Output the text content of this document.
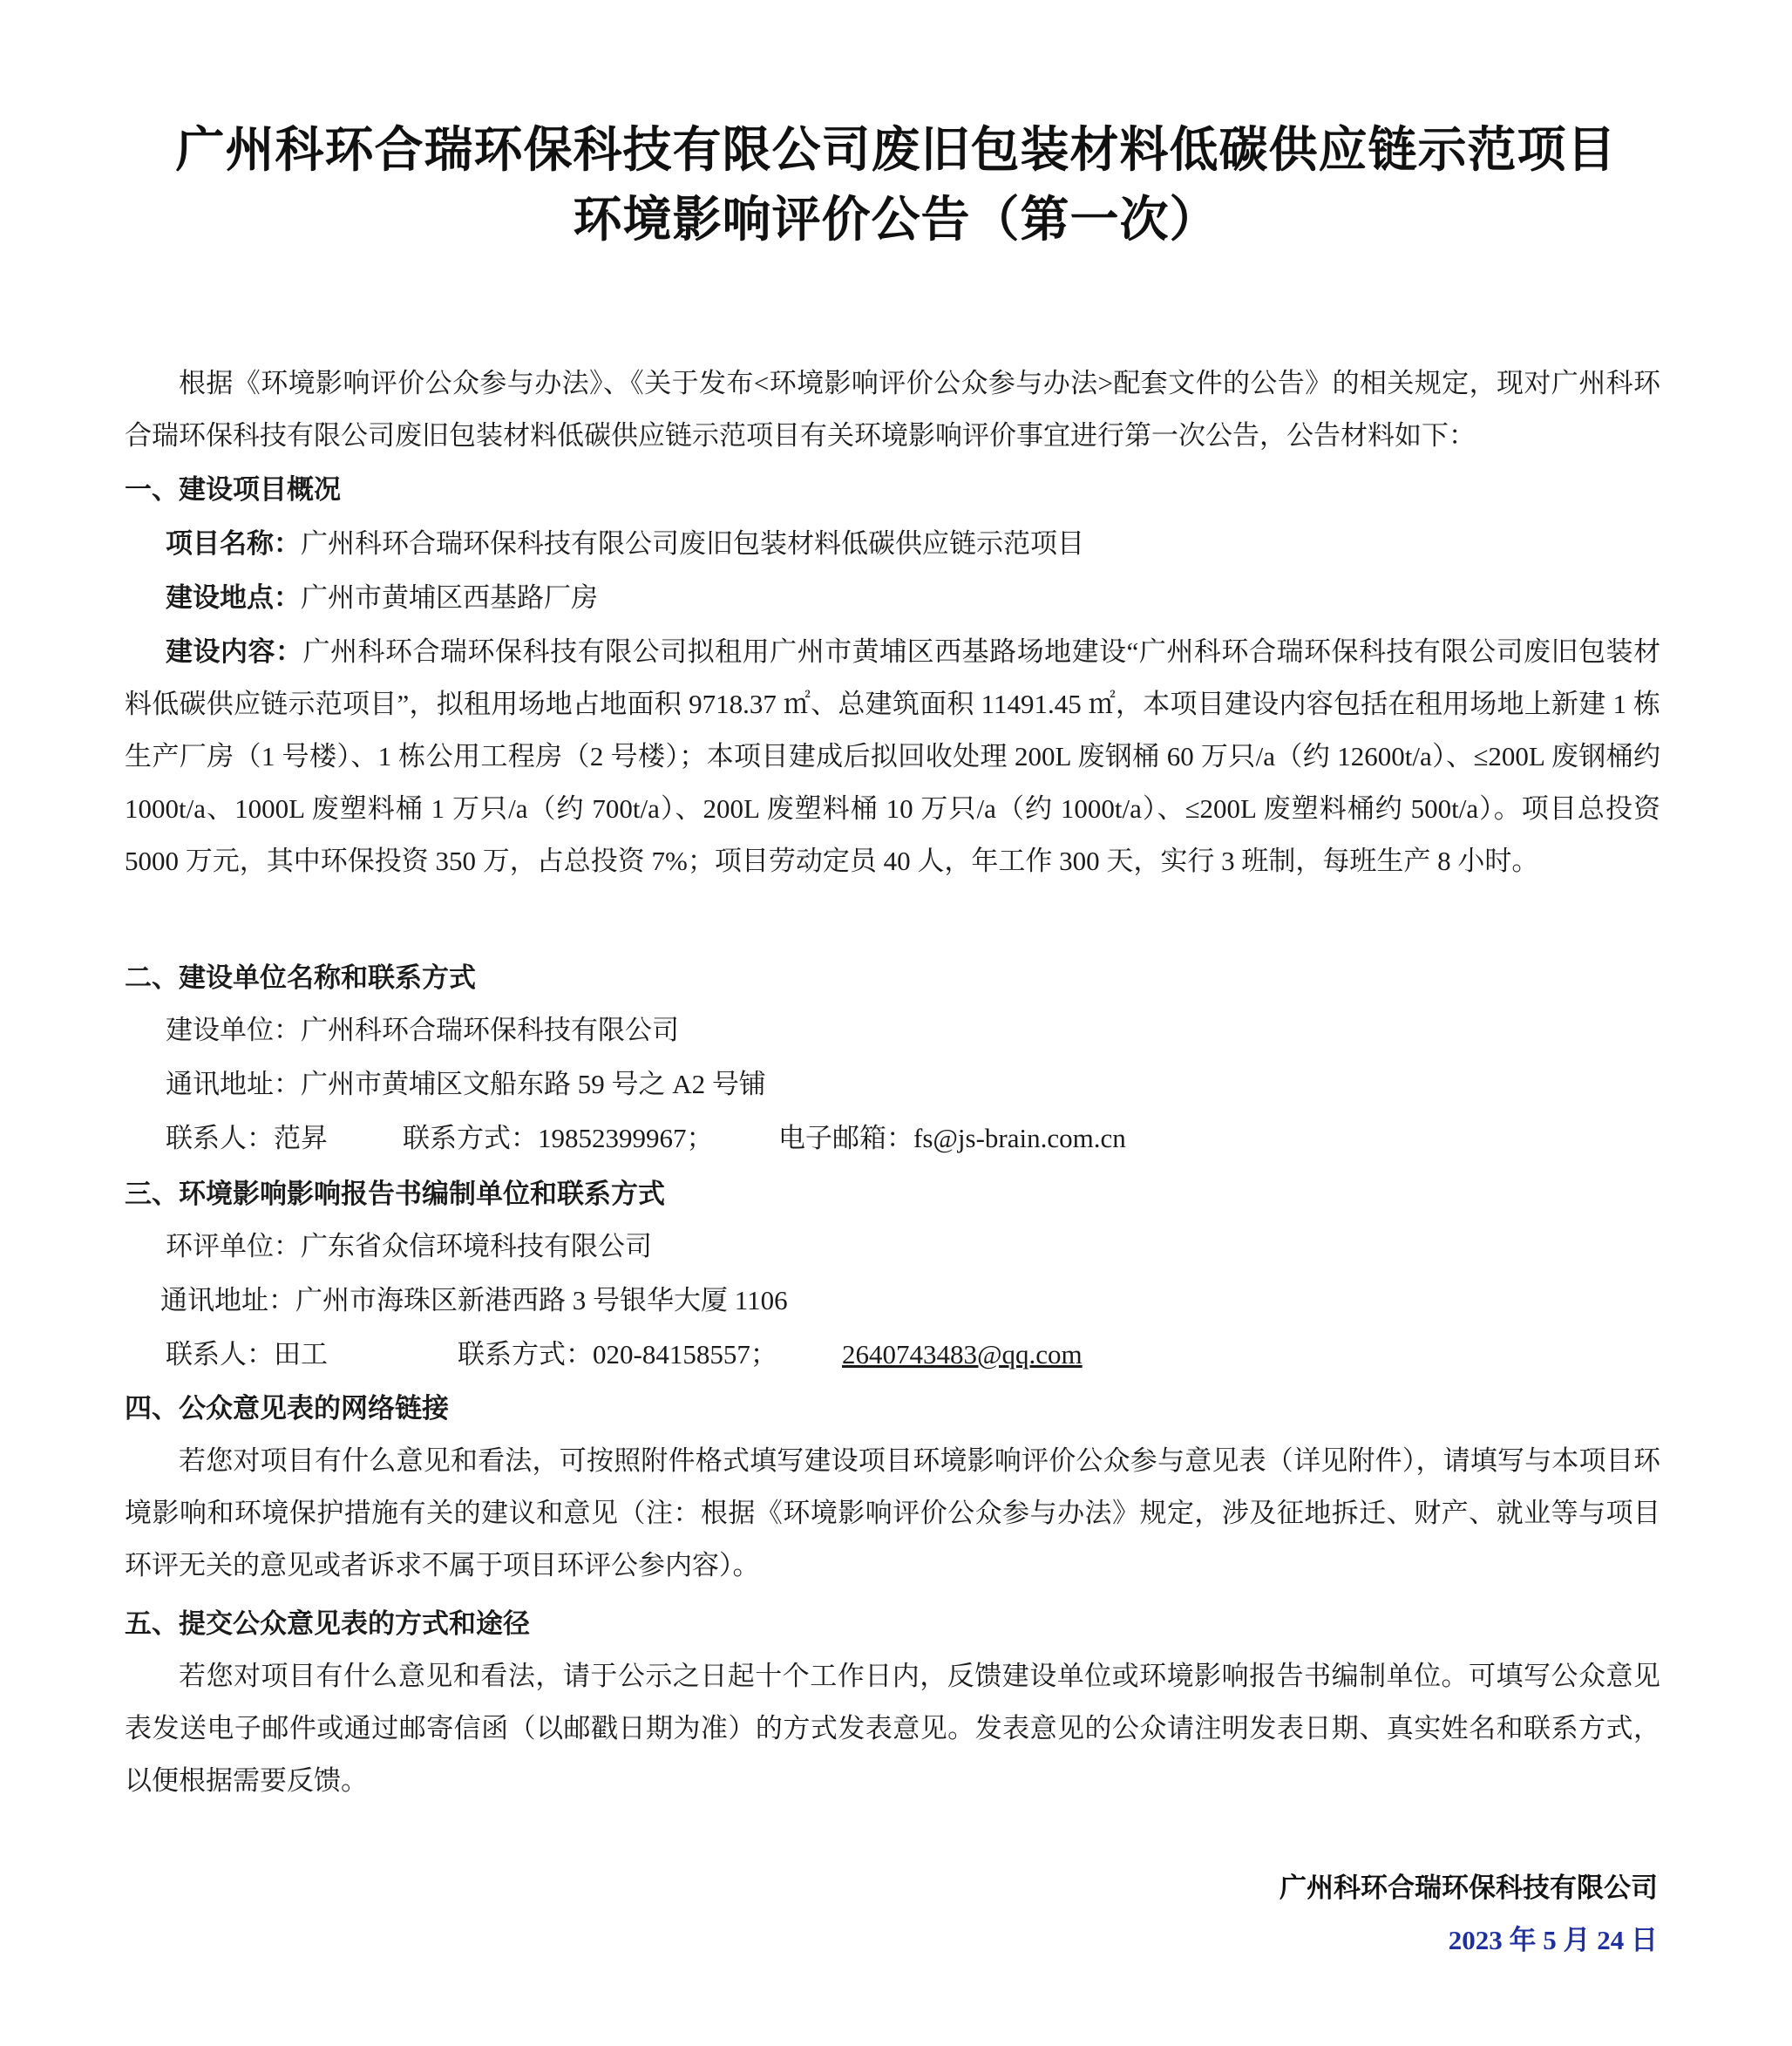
广州科环合瑞环保科技有限公司废旧包装材料低碳供应链示范项目
环境影响评价公告（第一次）
根据《环境影响评价公众参与办法》、《关于发布<环境影响评价公众参与办法>配套文件的公告》的相关规定，现对广州科环合瑞环保科技有限公司废旧包装材料低碳供应链示范项目有关环境影响评价事宜进行第一次公告，公告材料如下：
一、建设项目概况
项目名称：广州科环合瑞环保科技有限公司废旧包装材料低碳供应链示范项目
建设地点：广州市黄埔区西基路厂房
建设内容：广州科环合瑞环保科技有限公司拟租用广州市黄埔区西基路场地建设“广州科环合瑞环保科技有限公司废旧包装材料低碳供应链示范项目”，拟租用场地占地面积 9718.37 ㎡、总建筑面积 11491.45 ㎡，本项目建设内容包括在租用场地上新建 1 栋生产厂房（1 号楼）、1 栋公用工程房（2 号楼）；本项目建成后拟回收处理 200L 废钢桶 60 万只/a（约 12600t/a）、≤200L 废钢桶约 1000t/a、1000L 废塑料桶 1 万只/a（约 700t/a）、200L 废塑料桶 10 万只/a（约 1000t/a）、≤200L 废塑料桶约 500t/a）。项目总投资 5000 万元，其中环保投资 350 万，占总投资 7%；项目劳动定员 40 人，年工作 300 天，实行 3 班制，每班生产 8 小时。
二、建设单位名称和联系方式
建设单位：广州科环合瑞环保科技有限公司
通讯地址：广州市黄埔区文船东路 59 号之 A2 号铺
联系人：范昇	联系方式：19852399967； 电子邮箱：fs@js-brain.com.cn
三、环境影响影响报告书编制单位和联系方式
环评单位：广东省众信环境科技有限公司
通讯地址：广州市海珠区新港西路 3 号银华大厦 1106
联系人：田工	联系方式：020-84158557； 2640743483@qq.com
四、公众意见表的网络链接
若您对项目有什么意见和看法，可按照附件格式填写建设项目环境影响评价公众参与意见表（详见附件），请填写与本项目环境影响和环境保护措施有关的建议和意见（注：根据《环境影响评价公众参与办法》规定，涉及征地拆迁、财产、就业等与项目环评无关的意见或者诉求不属于项目环评公参内容）。
五、提交公众意见表的方式和途径
若您对项目有什么意见和看法，请于公示之日起十个工作日内，反馈建设单位或环境影响报告书编制单位。可填写公众意见表发送电子邮件或通过邮寄信函（以邮戳日期为准）的方式发表意见。发表意见的公众请注明发表日期、真实姓名和联系方式，以便根据需要反馈。
广州科环合瑞环保科技有限公司
2023 年 5 月 24 日
